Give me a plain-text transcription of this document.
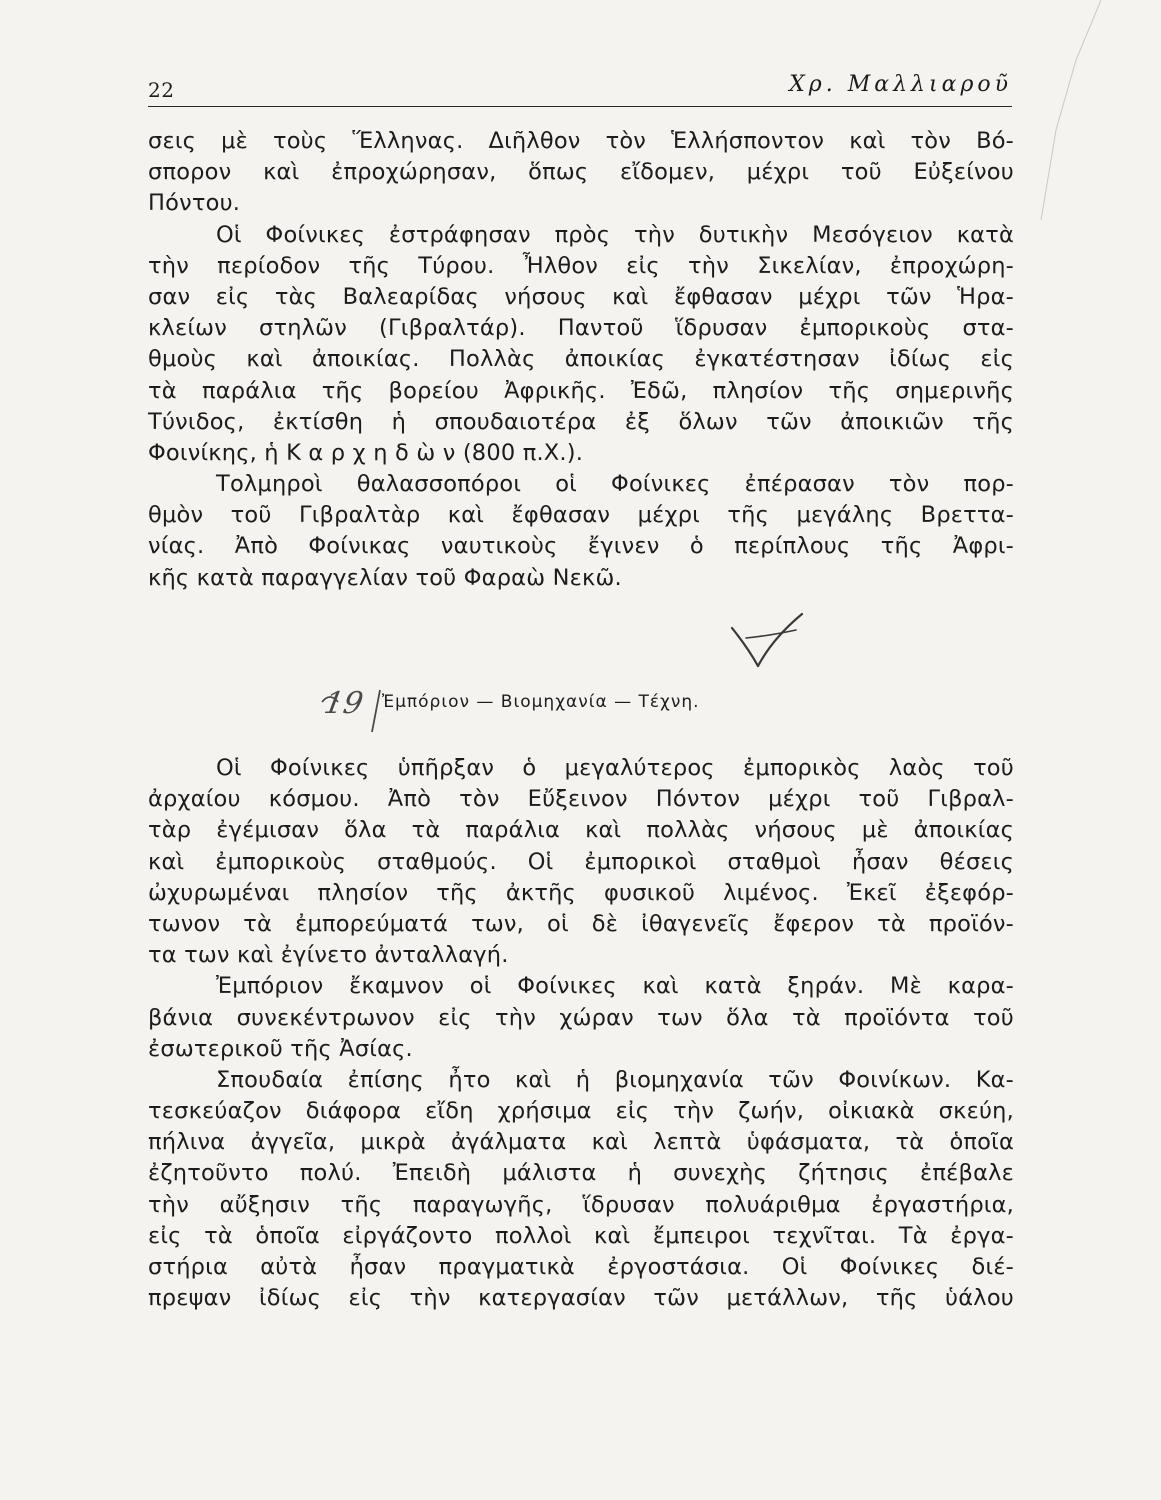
22	Χρ. Μαλλιαροῦ
σεις μὲ τοὺς Ἕλληνας. Διῆλθον τὸν Ἑλλήσποντον καὶ τὸν Βό-
σπορον καὶ ἐπροχώρησαν, ὅπως εἴδομεν, μέχρι τοῦ Εὐξείνου
Πόντου.
Οἱ Φοίνικες ἐστράφησαν πρὸς τὴν δυτικὴν Μεσόγειον κατὰ
τὴν περίοδον τῆς Τύρου. Ἦλθον εἰς τὴν Σικελίαν, ἐπροχώρη-
σαν εἰς τὰς Βαλεαρίδας νήσους καὶ ἔφθασαν μέχρι τῶν Ἡρα-
κλείων στηλῶν (Γιβραλτάρ). Παντοῦ ἵδρυσαν ἐμπορικοὺς στα-
θμοὺς καὶ ἀποικίας. Πολλὰς ἀποικίας ἐγκατέστησαν ἰδίως εἰς
τὰ παράλια τῆς βορείου Ἀφρικῆς. Ἐδῶ, πλησίον τῆς σημερινῆς
Τύνιδος, ἐκτίσθη ἡ σπουδαιοτέρα ἐξ ὅλων τῶν ἀποικιῶν τῆς
Φοινίκης, ἡ Κ α ρ χ η δ ὼ ν (800 π.Χ.).
Τολμηροὶ θαλασσοπόροι οἱ Φοίνικες ἐπέρασαν τὸν πορ-
θμὸν τοῦ Γιβραλτὰρ καὶ ἔφθασαν μέχρι τῆς μεγάλης Βρεττα-
νίας. Ἀπὸ Φοίνικας ναυτικοὺς ἔγινεν ὁ περίπλους τῆς Ἀφρι-
κῆς κατὰ παραγγελίαν τοῦ Φαραὼ Νεκῶ.
19 Ἐμπόριον — Βιομηχανία — Τέχνη.
Οἱ Φοίνικες ὑπῆρξαν ὁ μεγαλύτερος ἐμπορικὸς λαὸς τοῦ
ἀρχαίου κόσμου. Ἀπὸ τὸν Εὔξεινον Πόντον μέχρι τοῦ Γιβραλ-
τὰρ ἐγέμισαν ὅλα τὰ παράλια καὶ πολλὰς νήσους μὲ ἀποικίας
καὶ ἐμπορικοὺς σταθμούς. Οἱ ἐμπορικοὶ σταθμοὶ ἦσαν θέσεις
ὠχυρωμέναι πλησίον τῆς ἀκτῆς φυσικοῦ λιμένος. Ἐκεῖ ἐξεφόρ-
τωνον τὰ ἐμπορεύματά των, οἱ δὲ ἰθαγενεῖς ἔφερον τὰ προϊόν-
τα των καὶ ἐγίνετο ἀνταλλαγή.
Ἐμπόριον ἔκαμνον οἱ Φοίνικες καὶ κατὰ ξηράν. Μὲ καρα-
βάνια συνεκέντρωνον εἰς τὴν χώραν των ὅλα τὰ προϊόντα τοῦ
ἐσωτερικοῦ τῆς Ἀσίας.
Σπουδαία ἐπίσης ἦτο καὶ ἡ βιομηχανία τῶν Φοινίκων. Κα-
τεσκεύαζον διάφορα εἴδη χρήσιμα εἰς τὴν ζωήν, οἰκιακὰ σκεύη,
πήλινα ἀγγεῖα, μικρὰ ἀγάλματα καὶ λεπτὰ ὑφάσματα, τὰ ὁποῖα
ἐζητοῦντο πολύ. Ἐπειδὴ μάλιστα ἡ συνεχὴς ζήτησις ἐπέβαλε
τὴν αὔξησιν τῆς παραγωγῆς, ἵδρυσαν πολυάριθμα ἐργαστήρια,
εἰς τὰ ὁποῖα εἰργάζοντο πολλοὶ καὶ ἔμπειροι τεχνῖται. Τὰ ἐργα-
στήρια αὐτὰ ἦσαν πραγματικὰ ἐργοστάσια. Οἱ Φοίνικες διέ-
πρεψαν ἰδίως εἰς τὴν κατεργασίαν τῶν μετάλλων, τῆς ὑάλου
